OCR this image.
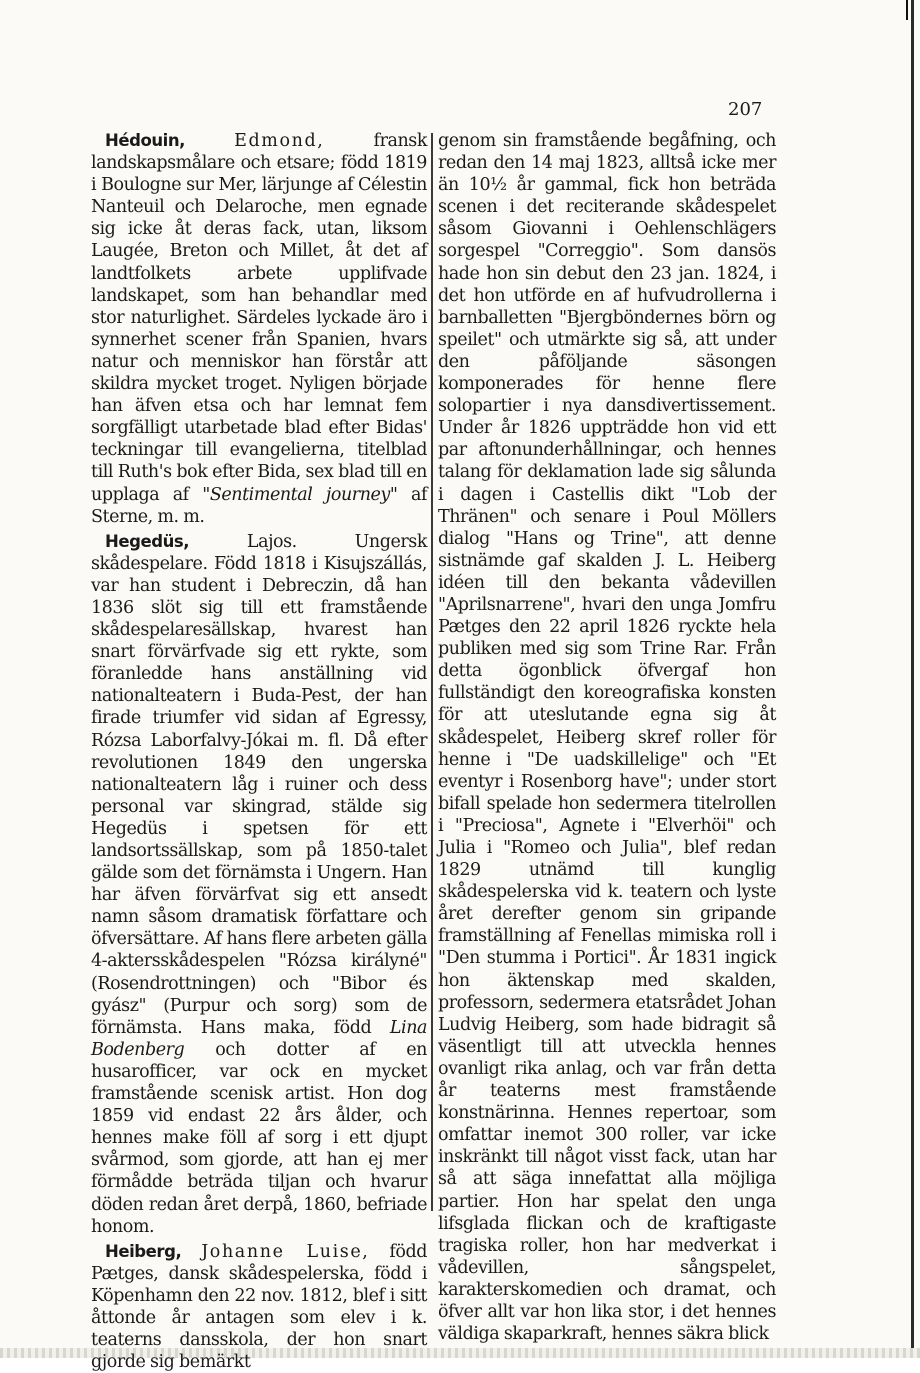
207

Hédouin,	Edmond, fransk landskapsmålare och etsare; född 1819 i Boulogne sur Mer, lärjunge af Célestin Nanteuil och Delaroche, men egnade sig icke åt deras fack, utan, liksom Laugée, Breton och Millet, åt det af landtfolkets arbete upplifvade landskapet, som han behandlar med stor naturlighet. Särdeles lyckade äro i synnerhet scener från Spanien, hvars natur och menniskor han förstår att skildra mycket troget. Nyligen började han äfven etsa och har lemnat fem sorgfälligt utarbetade blad efter Bidas' teckningar till evangelierna, titelblad till Ruth's bok efter Bida, sex blad till en upplaga af "Sentimental journey" af Sterne, m. m.

Hegedüs, Lajos. Ungersk skådespelare. Född 1818 i Kisujszállás, var han student i Debreczin, då han 1836 slöt sig till ett framstående skådespelaresällskap, hvarest han snart förvärfvade sig ett rykte, som föranledde hans anställning vid nationalteatern i Buda-Pest, der han firade triumfer vid sidan af Egressy, Rózsa Laborfalvy-Jókai m. fl. Då efter revolutionen 1849 den ungerska nationalteatern låg i ruiner och dess personal var skingrad, stälde sig Hegedüs i spetsen för ett landsortssällskap, som på 1850-talet gälde som det förnämsta i Ungern. Han har äfven förvärfvat sig ett ansedt namn såsom dramatisk författare och öfversättare. Af hans flere arbeten gälla 4-aktersskådespelen "Rózsa királyné" (Rosendrottningen) och "Bibor és gyász" (Purpur och sorg) som de förnämsta. Hans maka, född Lina Bodenberg och dotter af en husarofficer, var ock en mycket framstående scenisk artist. Hon dog 1859 vid endast 22 års ålder, och hennes make föll af sorg i ett djupt svårmod, som gjorde, att han ej mer förmådde beträda tiljan och hvarur döden redan året derpå, 1860, befriade honom.

Heiberg, Johanne Luise, född Pætges, dansk skådespelerska, född i Köpenhamn den 22 nov. 1812, blef i sitt åttonde år antagen som elev i k. teaterns dansskola, der hon snart gjorde sig bemärkt

genom sin framstående begåfning, och redan den 14 maj 1823, alltså icke mer än 10½ år gammal, fick hon beträda scenen i det reciterande skådespelet såsom Giovanni i Oehlenschlägers sorgespel "Correggio". Som dansös hade hon sin debut den 23 jan. 1824, i det hon utförde en af hufvudrollerna i barnballetten "Bjergböndernes börn og speilet" och utmärkte sig så, att under den påföljande säsongen komponerades för henne flere solopartier i nya dansdivertissement. Under år 1826 uppträdde hon vid ett par aftonunderhållningar, och hennes talang för deklamation lade sig sålunda i dagen i Castellis dikt "Lob der Thränen" och senare i Poul Möllers dialog "Hans og Trine", att denne sistnämde gaf skalden J. L. Heiberg idéen till den bekanta vådevillen "Aprilsnarrene", hvari den unga Jomfru Pætges den 22 april 1826 ryckte hela publiken med sig som Trine Rar. Från detta ögonblick öfvergaf hon fullständigt den koreografiska konsten för att uteslutande egna sig åt skådespelet, Heiberg skref roller för henne i "De uadskillelige" och "Et eventyr i Rosenborg have"; under stort bifall spelade hon sedermera titelrollen i "Preciosa", Agnete i "Elverhöi" och Julia i "Romeo och Julia", blef redan 1829 utnämd till kunglig skådespelerska vid k. teatern och lyste året derefter genom sin gripande framställning af Fenellas mimiska roll i "Den stumma i Portici". År 1831 ingick hon äktenskap med skalden, professorn, sedermera etatsrådet Johan Ludvig Heiberg, som hade bidragit så väsentligt till att utveckla hennes ovanligt rika anlag, och var från detta år teaterns mest framstående konstnärinna. Hennes repertoar, som omfattar inemot 300 roller, var icke inskränkt till något visst fack, utan har så att säga innefattat alla möjliga partier. Hon har spelat den unga lifsglada flickan och de kraftigaste tragiska roller, hon har medverkat i vådevillen, sångspelet, karakterskomedien och dramat, och öfver allt var hon lika stor, i det hennes väldiga skaparkraft, hennes säkra blick
